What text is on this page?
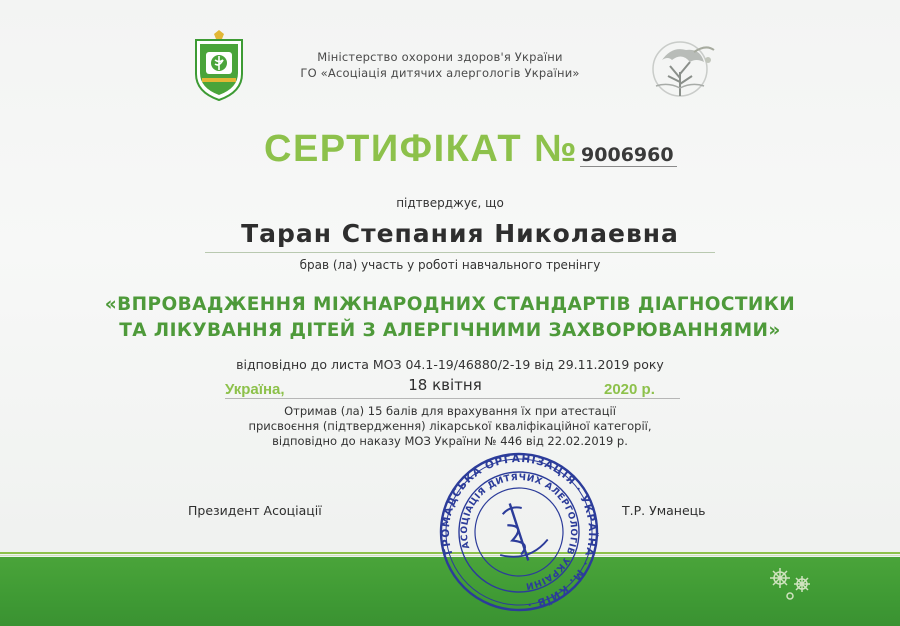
Міністерство охорони здоров'я України
ГО «Асоціація дитячих алергологів України»
СЕРТИФІКАТ № 9006960
підтверджує, що
Таран Степания Николаевна
брав (ла) участь у роботі навчального тренінгу
«ВПРОВАДЖЕННЯ МІЖНАРОДНИХ СТАНДАРТІВ ДІАГНОСТИКИ
ТА ЛІКУВАННЯ ДІТЕЙ З АЛЕРГІЧНИМИ ЗАХВОРЮВАННЯМИ»
відповідно до листа МОЗ 04.1-19/46880/2-19 від 29.11.2019 року
Україна,	18 квітня	2020 р.
Отримав (ла) 15 балів для врахування їх при атестації
присвоєння (підтвердження) лікарської кваліфікаційної категорії,
відповідно до наказу МОЗ України № 446 від 22.02.2019 р.
Президент Асоціації	Т.Р. Уманець
ГРОМАДСЬКА ОРГАНІЗАЦІЯ · УКРАЇНА · М. КИЇВ ·
АСОЦІАЦІЯ ДИТЯЧИХ АЛЕРГОЛОГІВ УКРАЇНИ
